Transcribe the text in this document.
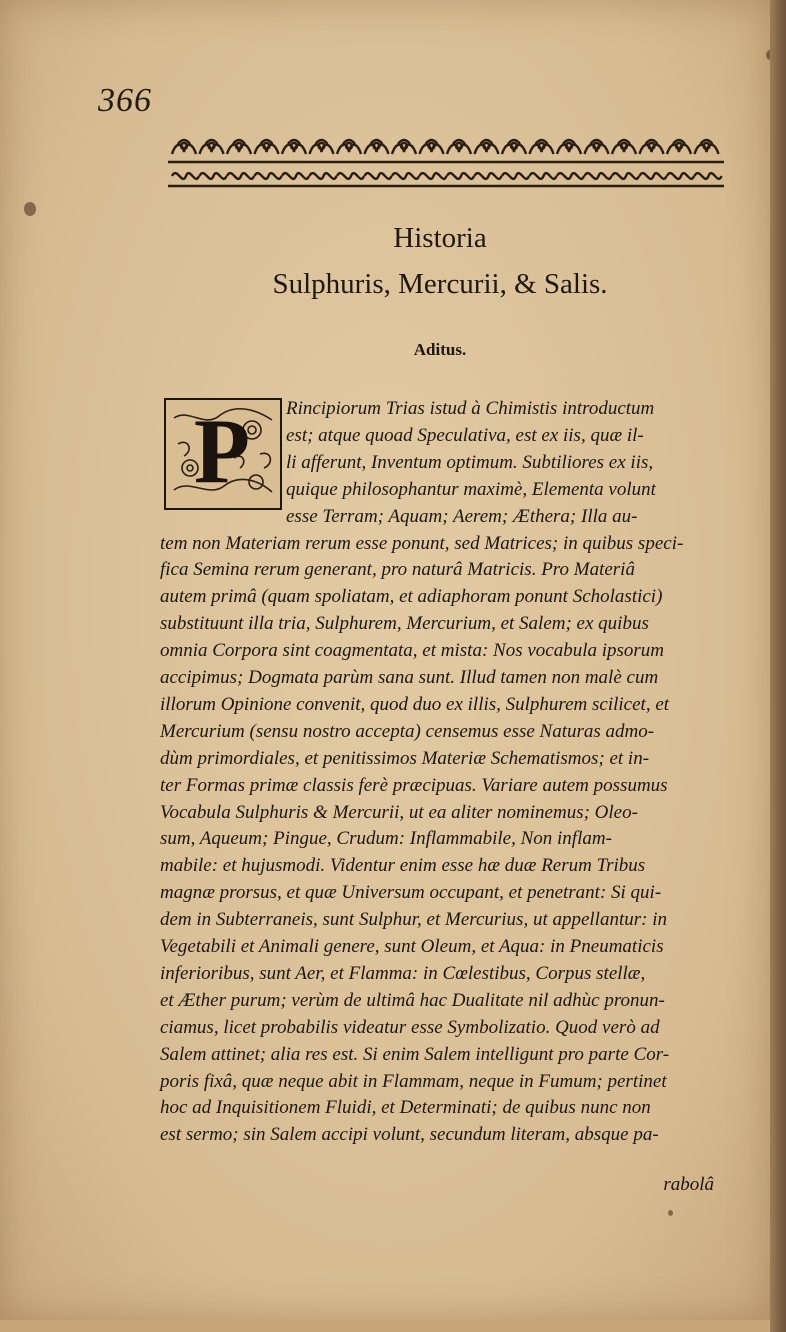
366
Historia
Sulphuris, Mercurii, & Salis.
Aditus.
P Rincipiorum Trias istud à Chimistis introductum
est; atque quoad Speculativa, est ex iis, quæ il-
li afferunt, Inventum optimum. Subtiliores ex iis,
quique philosophantur maximè, Elementa volunt
esse Terram; Aquam; Aerem; Æthera; Illa au-
tem non Materiam rerum esse ponunt, sed Matrices; in quibus speci-
fica Semina rerum generant, pro naturâ Matricis. Pro Materiâ
autem primâ (quam spoliatam, et adiaphoram ponunt Scholastici)
substituunt illa tria, Sulphurem, Mercurium, et Salem; ex quibus
omnia Corpora sint coagmentata, et mista: Nos vocabula ipsorum
accipimus; Dogmata parùm sana sunt. Illud tamen non malè cum
illorum Opinione convenit, quod duo ex illis, Sulphurem scilicet, et
Mercurium (sensu nostro accepta) censemus esse Naturas admo-
dùm primordiales, et penitissimos Materiæ Schematismos; et in-
ter Formas primæ classis ferè præcipuas. Variare autem possumus
Vocabula Sulphuris & Mercurii, ut ea aliter nominemus; Oleo-
sum, Aqueum; Pingue, Crudum: Inflammabile, Non inflam-
mabile: et hujusmodi. Videntur enim esse hæ duæ Rerum Tribus
magnæ prorsus, et quæ Universum occupant, et penetrant: Si qui-
dem in Subterraneis, sunt Sulphur, et Mercurius, ut appellantur: in
Vegetabili et Animali genere, sunt Oleum, et Aqua: in Pneumaticis
inferioribus, sunt Aer, et Flamma: in Cœlestibus, Corpus stellæ,
et Æther purum; verùm de ultimâ hac Dualitate nil adhùc pronun-
ciamus, licet probabilis videatur esse Symbolizatio. Quod verò ad
Salem attinet; alia res est. Si enim Salem intelligunt pro parte Cor-
poris fixâ, quæ neque abit in Flammam, neque in Fumum; pertinet
hoc ad Inquisitionem Fluidi, et Determinati; de quibus nunc non
est sermo; sin Salem accipi volunt, secundum literam, absque pa-
rabolâ
